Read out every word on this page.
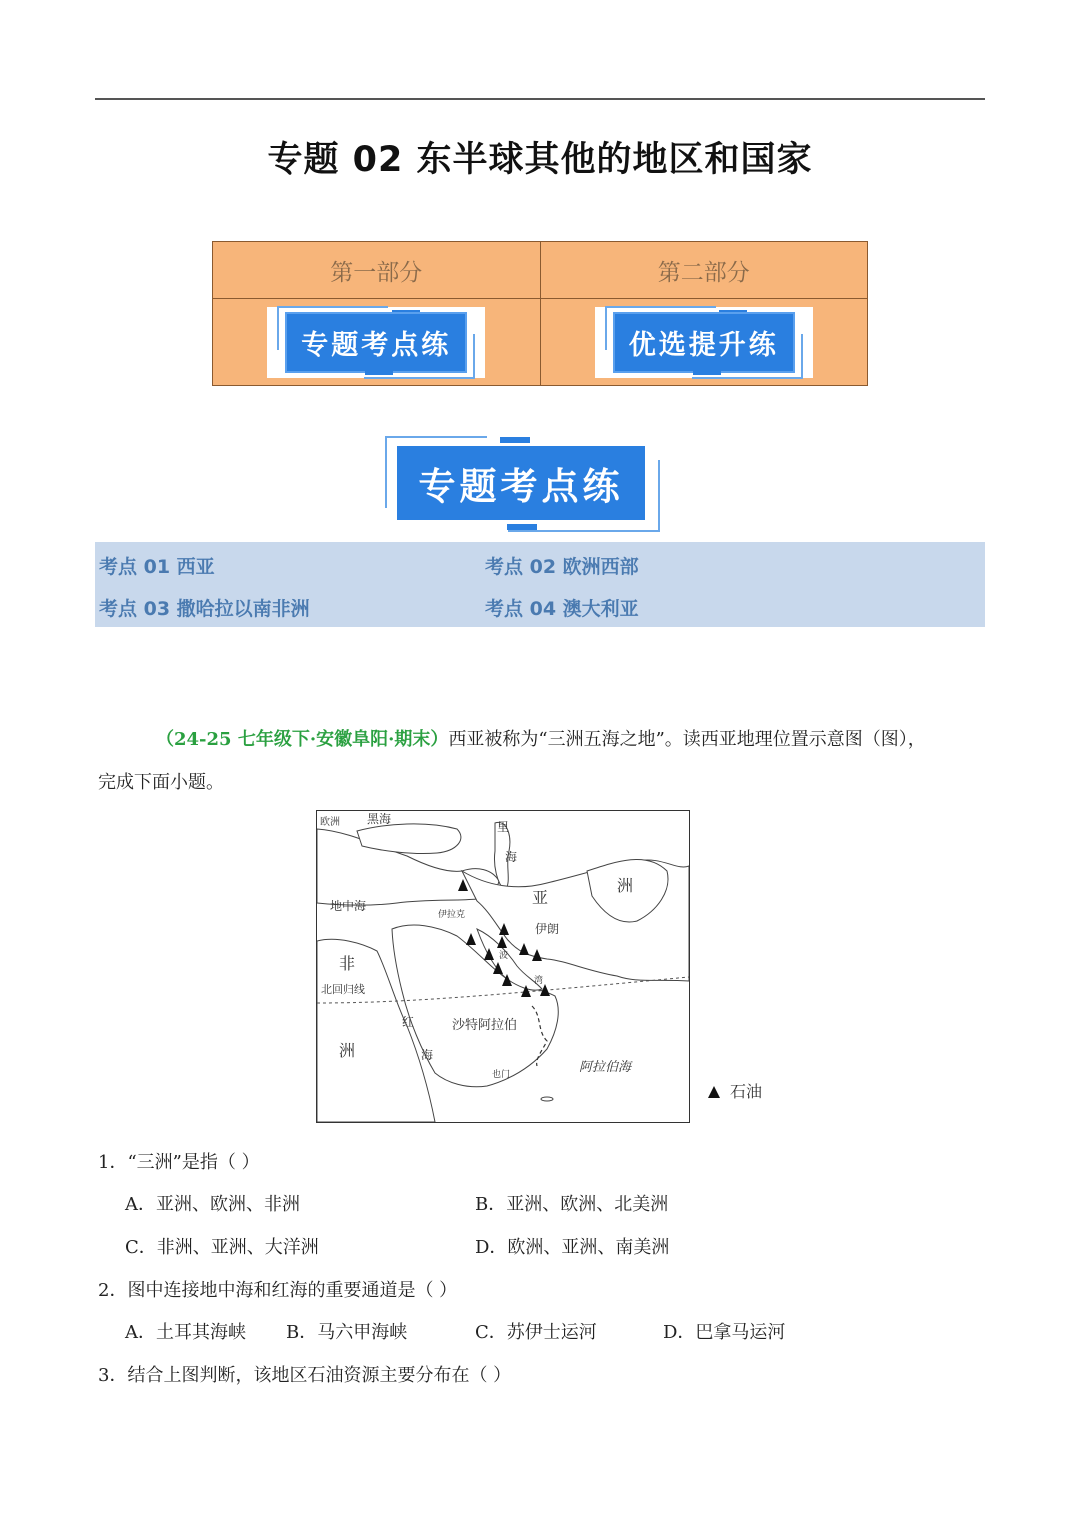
专题 02 东半球其他的地区和国家
第一部分	第二部分

专题考点练	优选提升练
专题考点练
考点 01 西亚	考点 02 欧洲西部
考点 03 撒哈拉以南非洲	考点 04 澳大利亚

（24-25 七年级下·安徽阜阳·期末）西亚被称为“三洲五海之地”。读西亚地理位置示意图（图），

完成下面小题。

欧洲 黑海
里
海
地中海	亚
洲
伊朗
伊拉克
非
洲
北回归线
沙特阿拉伯
红
海
阿拉伯海
也门
波
湾
石油
1．“三洲”是指（ ）
A．亚洲、欧洲、非洲	B．亚洲、欧洲、北美洲
C．非洲、亚洲、大洋洲	D．欧洲、亚洲、南美洲
2．图中连接地中海和红海的重要通道是（ ）
A．土耳其海峡 B．马六甲海峡	C．苏伊士运河	D．巴拿马运河
3．结合上图判断，该地区石油资源主要分布在（ ）
